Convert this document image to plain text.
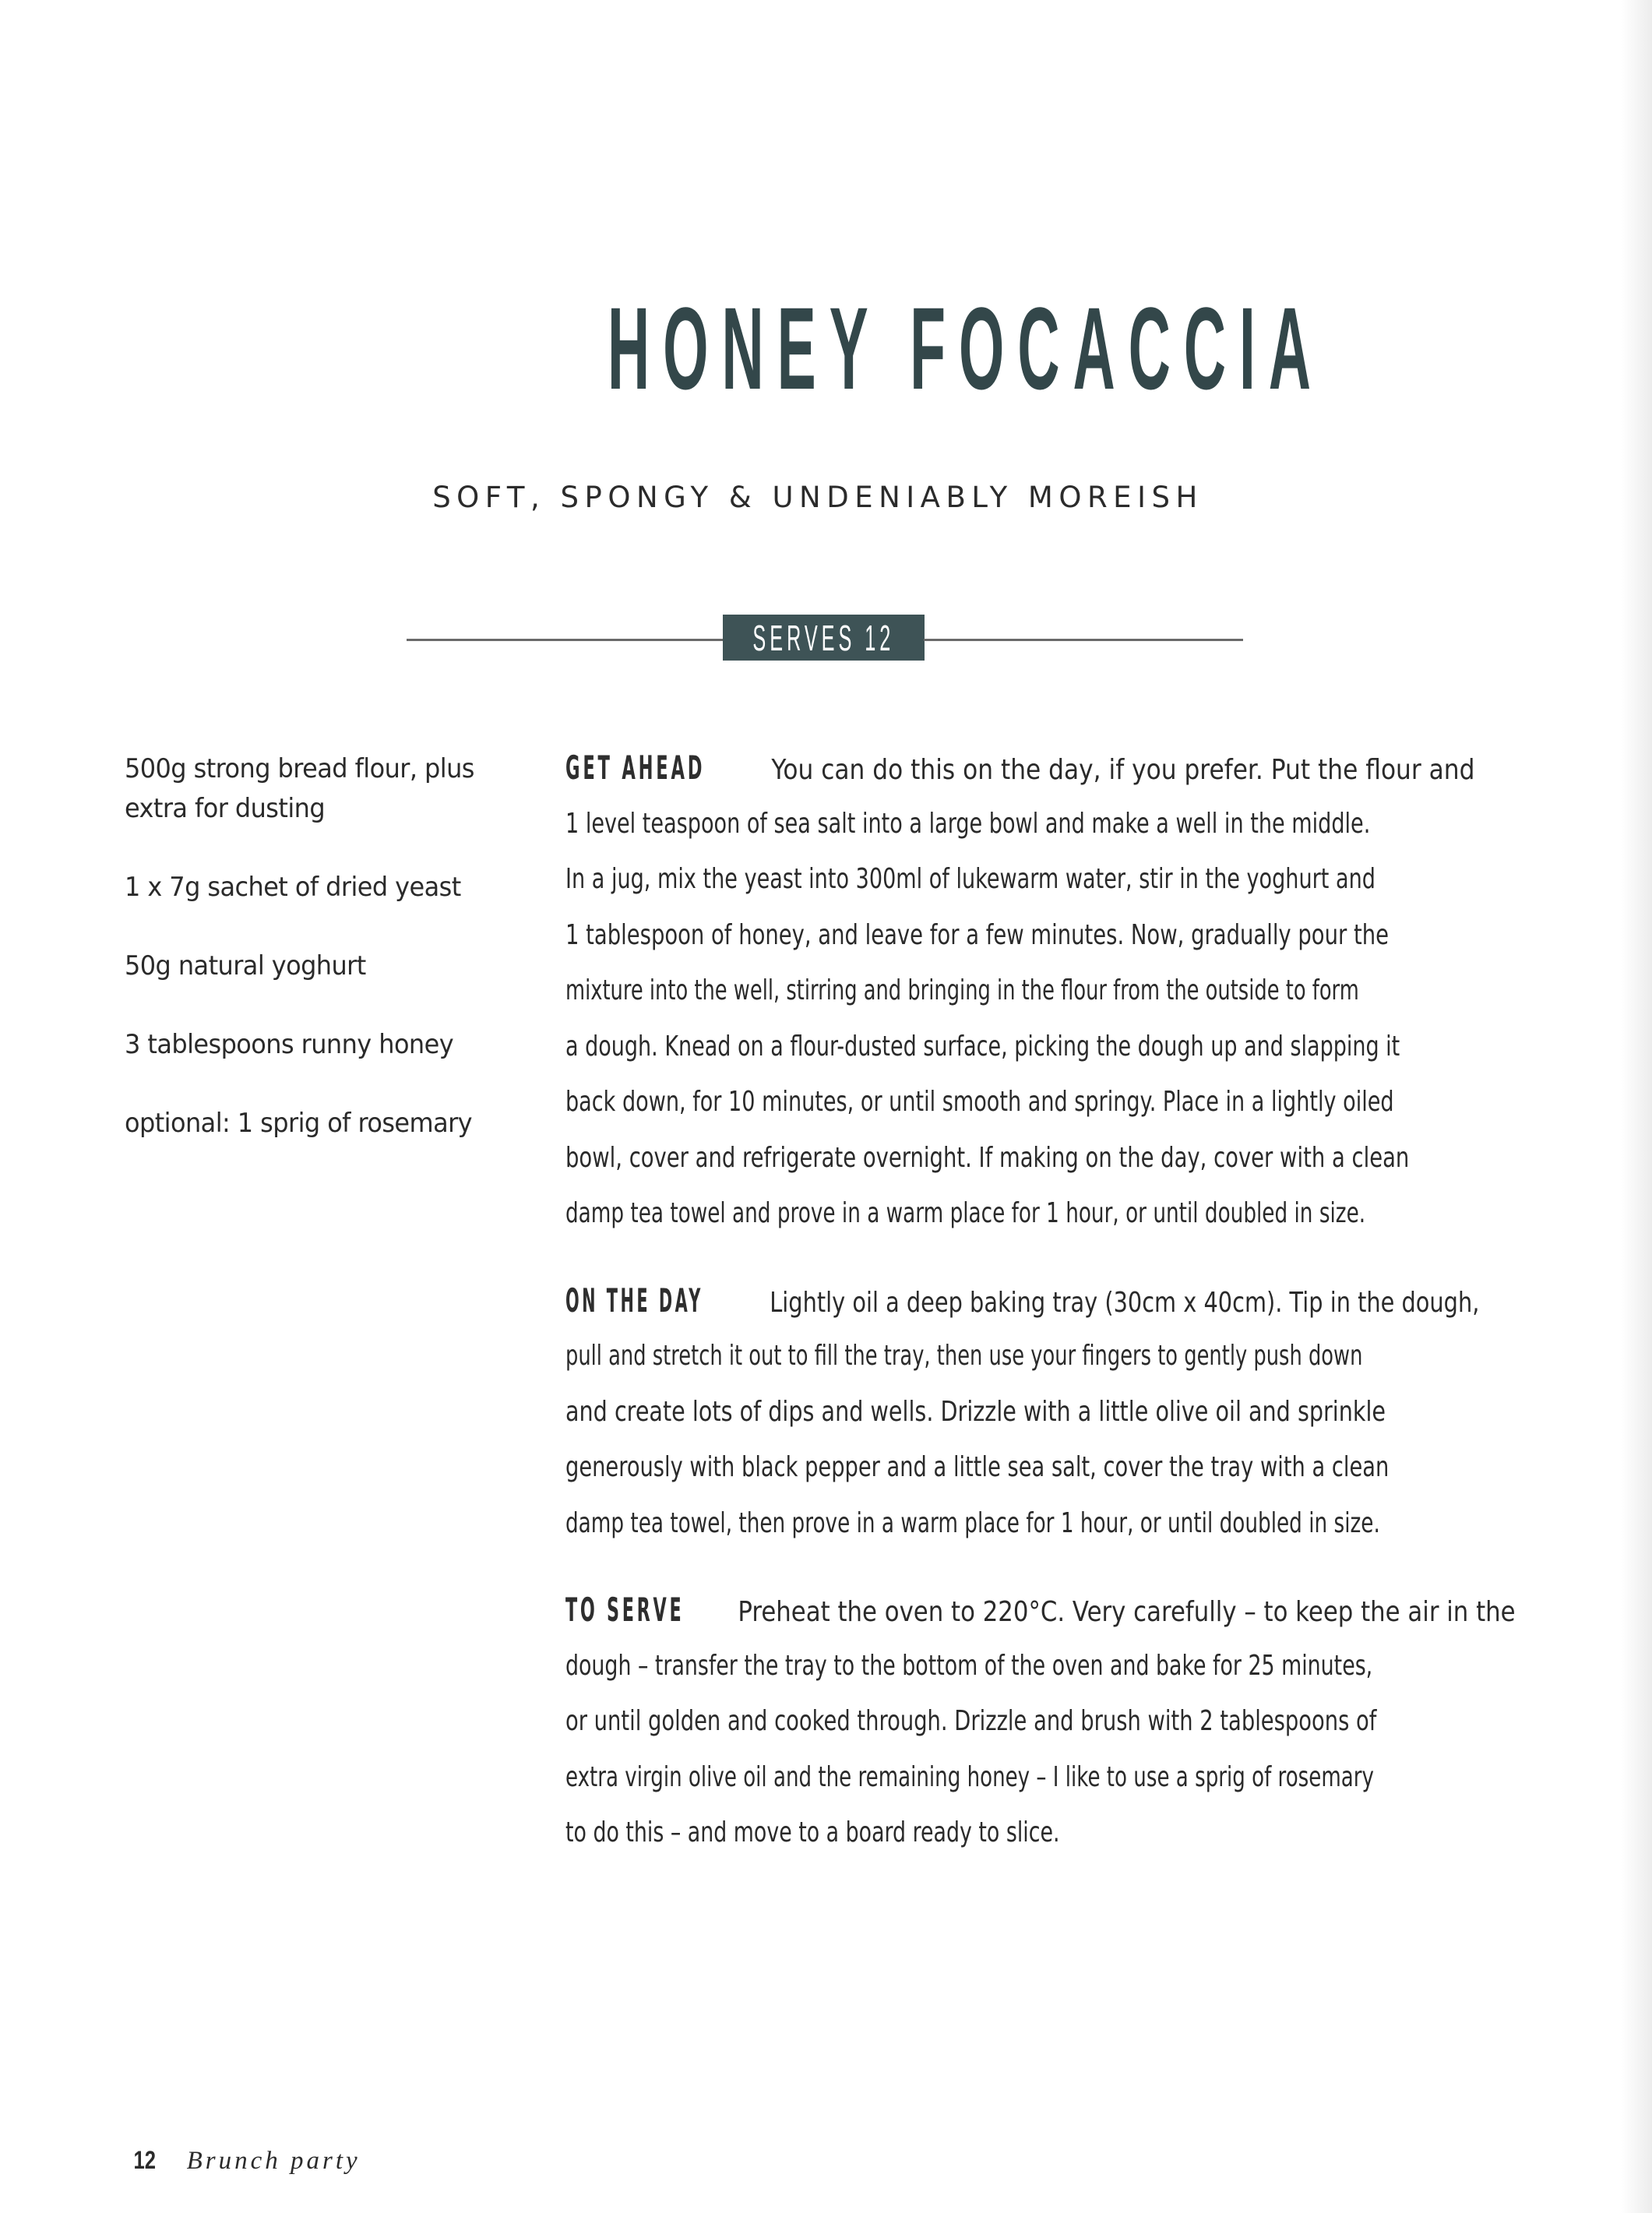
HONEY FOCACCIA
SOFT, SPONGY & UNDENIABLY MOREISH
SERVES 12
500g strong bread flour, plus
extra for dusting
1 x 7g sachet of dried yeast
50g natural yoghurt
3 tablespoons runny honey
optional: 1 sprig of rosemary
GET AHEAD You can do this on the day, if you prefer. Put the flour and
1 level teaspoon of sea salt into a large bowl and make a well in the middle.
In a jug, mix the yeast into 300ml of lukewarm water, stir in the yoghurt and
1 tablespoon of honey, and leave for a few minutes. Now, gradually pour the
mixture into the well, stirring and bringing in the flour from the outside to form
a dough. Knead on a flour-dusted surface, picking the dough up and slapping it
back down, for 10 minutes, or until smooth and springy. Place in a lightly oiled
bowl, cover and refrigerate overnight. If making on the day, cover with a clean
damp tea towel and prove in a warm place for 1 hour, or until doubled in size.
ON THE DAY Lightly oil a deep baking tray (30cm x 40cm). Tip in the dough,
pull and stretch it out to fill the tray, then use your fingers to gently push down
and create lots of dips and wells. Drizzle with a little olive oil and sprinkle
generously with black pepper and a little sea salt, cover the tray with a clean
damp tea towel, then prove in a warm place for 1 hour, or until doubled in size.
TO SERVE Preheat the oven to 220°C. Very carefully – to keep the air in the
dough – transfer the tray to the bottom of the oven and bake for 25 minutes,
or until golden and cooked through. Drizzle and brush with 2 tablespoons of
extra virgin olive oil and the remaining honey – I like to use a sprig of rosemary
to do this – and move to a board ready to slice.
12 Brunch party
